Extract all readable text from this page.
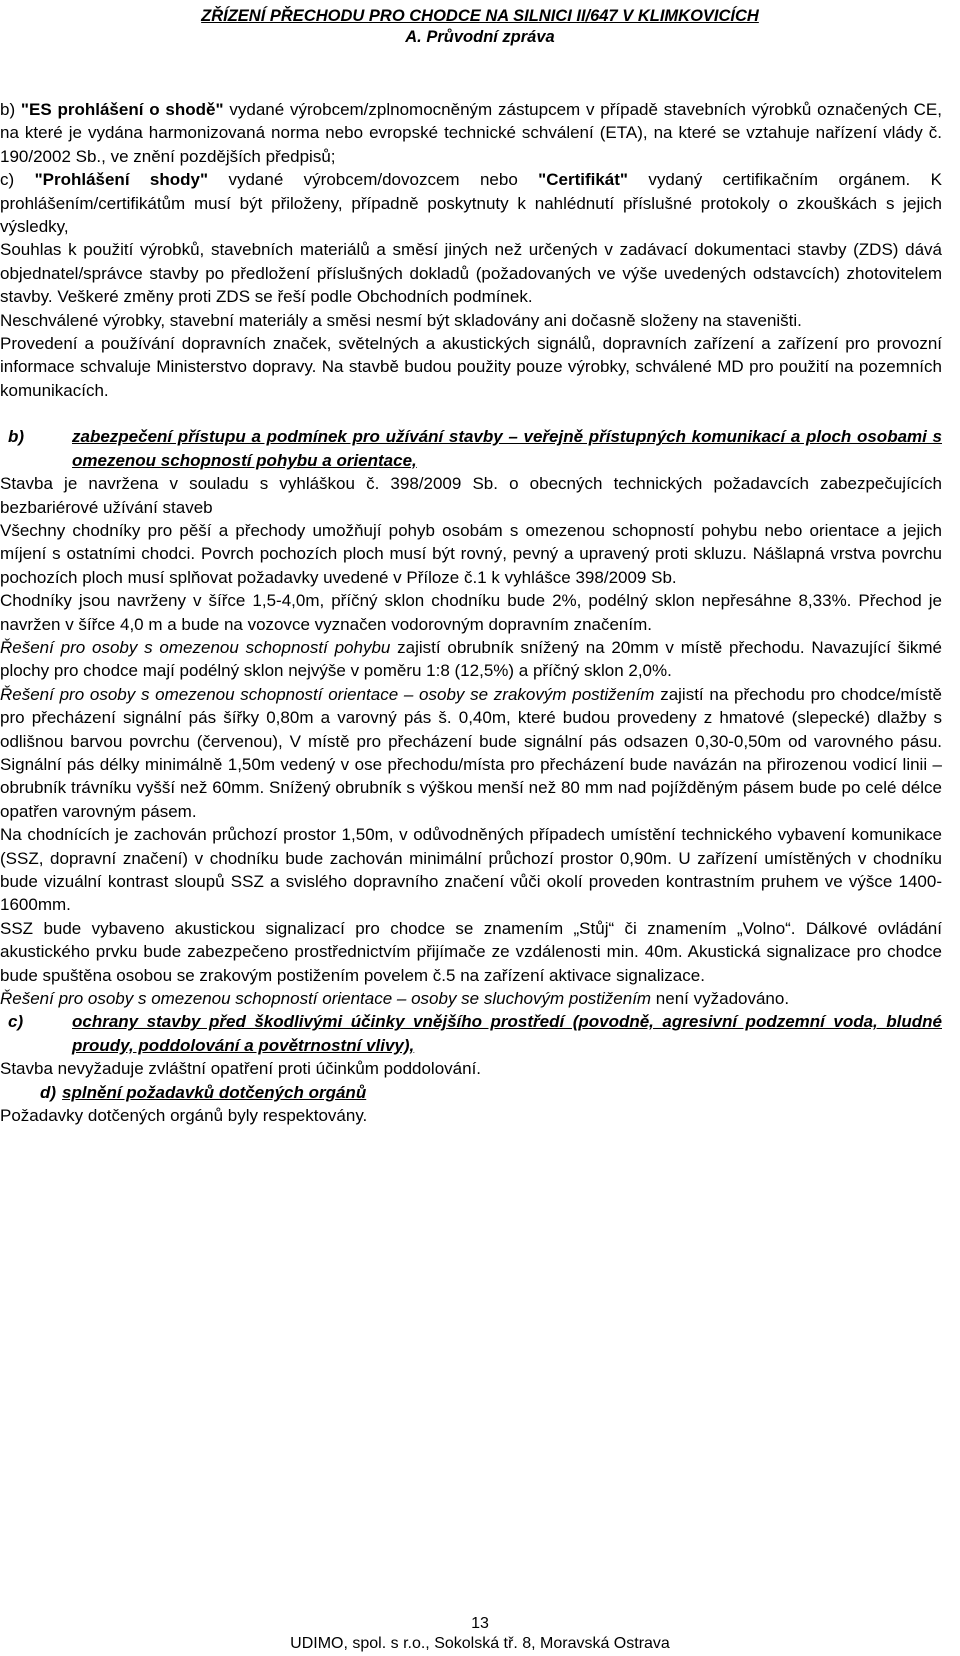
ZŘÍZENÍ PŘECHODU PRO CHODCE NA SILNICI II/647 V KLIMKOVICÍCH
A. Průvodní zpráva

b) "ES prohlášení o shodě" vydané výrobcem/zplnomocněným zástupcem v případě stavebních výrobků označených CE, na které je vydána harmonizovaná norma nebo evropské technické schválení (ETA), na které se vztahuje nařízení vlády č. 190/2002 Sb., ve znění pozdějších předpisů;

c) "Prohlášení shody" vydané výrobcem/dovozcem nebo "Certifikát" vydaný certifikačním orgánem. K prohlášením/certifikátům musí být přiloženy, případně poskytnuty k nahlédnutí příslušné protokoly o zkouškách s jejich výsledky,

Souhlas k použití výrobků, stavebních materiálů a směsí jiných než určených v zadávací dokumentaci stavby (ZDS) dává objednatel/správce stavby po předložení příslušných dokladů (požadovaných ve výše uvedených odstavcích) zhotovitelem stavby. Veškeré změny proti ZDS se řeší podle Obchodních podmínek.

Neschválené výrobky, stavební materiály a směsi nesmí být skladovány ani dočasně složeny na staveništi.

Provedení a používání dopravních značek, světelných a akustických signálů, dopravních zařízení a zařízení pro provozní informace schvaluje Ministerstvo dopravy. Na stavbě budou použity pouze výrobky, schválené MD pro použití na pozemních komunikacích.

b)	zabezpečení přístupu a podmínek pro užívání stavby – veřejně přístupných komunikací a ploch osobami s omezenou schopností pohybu a orientace,

Stavba je navržena v souladu s vyhláškou č. 398/2009 Sb. o obecných technických požadavcích zabezpečujících bezbariérové užívání staveb

Všechny chodníky pro pěší a přechody umožňují pohyb osobám s omezenou schopností pohybu nebo orientace a jejich míjení s ostatními chodci. Povrch pochozích ploch musí být rovný, pevný a upravený proti skluzu. Nášlapná vrstva povrchu pochozích ploch musí splňovat požadavky uvedené v Příloze č.1 k vyhlášce 398/2009 Sb.

Chodníky jsou navrženy v šířce 1,5-4,0m, příčný sklon chodníku bude 2%, podélný sklon nepřesáhne 8,33%. Přechod je navržen v šířce 4,0 m a bude na vozovce vyznačen vodorovným dopravním značením.

Řešení pro osoby s omezenou schopností pohybu zajistí obrubník snížený na 20mm v místě přechodu. Navazující šikmé plochy pro chodce mají podélný sklon nejvýše v poměru 1:8 (12,5%) a příčný sklon 2,0%.

Řešení pro osoby s omezenou schopností orientace – osoby se zrakovým postižením zajistí na přechodu pro chodce/místě pro přecházení signální pás šířky 0,80m a varovný pás š. 0,40m, které budou provedeny z hmatové (slepecké) dlažby s odlišnou barvou povrchu (červenou), V místě pro přecházení bude signální pás odsazen 0,30-0,50m od varovného pásu. Signální pás délky minimálně 1,50m vedený v ose přechodu/místa pro přecházení bude navázán na přirozenou vodicí linii – obrubník trávníku vyšší než 60mm. Snížený obrubník s výškou menší než 80 mm nad pojížděným pásem bude po celé délce opatřen varovným pásem.

Na chodnících je zachován průchozí prostor 1,50m, v odůvodněných případech umístění technického vybavení komunikace (SSZ, dopravní značení) v chodníku bude zachován minimální průchozí prostor 0,90m. U zařízení umístěných v chodníku bude vizuální kontrast sloupů SSZ a svislého dopravního značení vůči okolí proveden kontrastním pruhem ve výšce 1400-1600mm.

SSZ bude vybaveno akustickou signalizací pro chodce se znamením „Stůj“ či znamením „Volno“. Dálkové ovládání akustického prvku bude zabezpečeno prostřednictvím přijímače ze vzdálenosti min. 40m. Akustická signalizace pro chodce bude spuštěna osobou se zrakovým postižením povelem č.5 na zařízení aktivace signalizace.

Řešení pro osoby s omezenou schopností orientace – osoby se sluchovým postižením není vyžadováno.

c)	ochrany stavby před škodlivými účinky vnějšího prostředí (povodně, agresivní podzemní voda, bludné proudy, poddolování a povětrnostní vlivy),

Stavba nevyžaduje zvláštní opatření proti účinkům poddolování.

d) splnění požadavků dotčených orgánů

Požadavky dotčených orgánů byly respektovány.

13
UDIMO, spol. s r.o., Sokolská tř. 8, Moravská Ostrava
